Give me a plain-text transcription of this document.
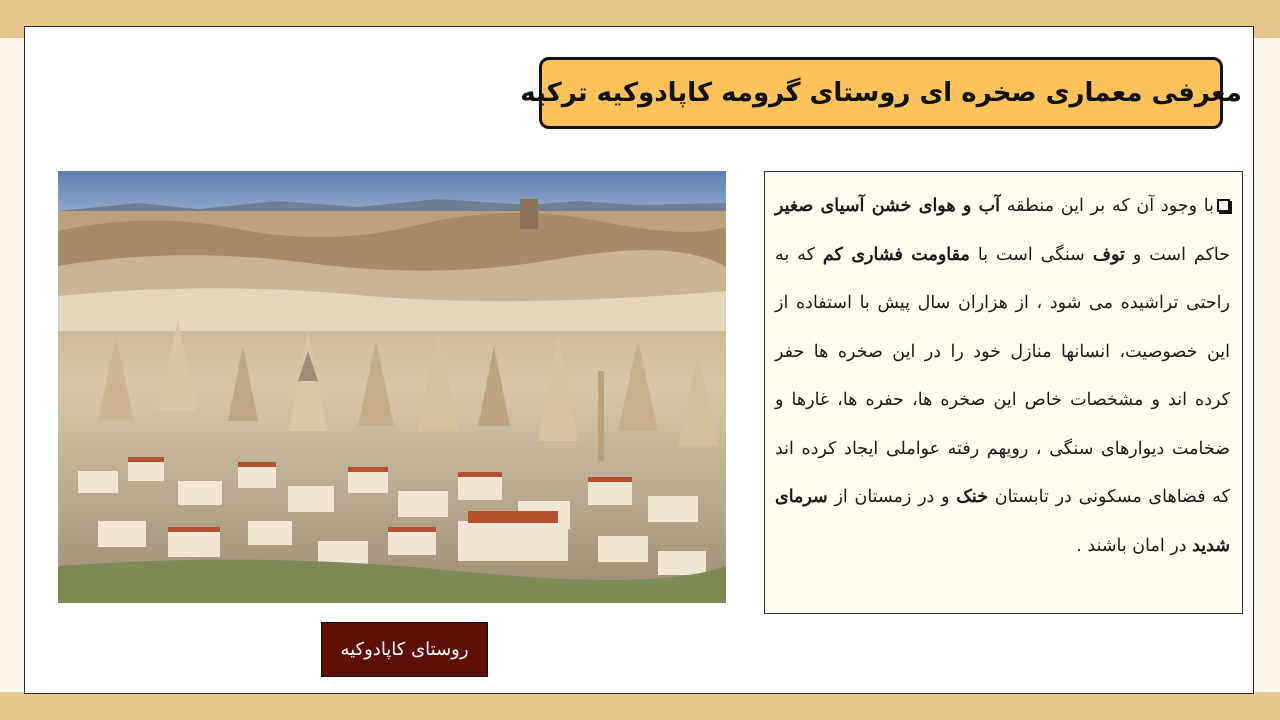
معرفی معماری صخره ای روستای گرومه کاپادوکیه ترکیه
با وجود آن که بر این منطقه آب و هوای خشن آسیای صغیر حاکم است و توف سنگی است با مقاومت فشاری کم که به راحتی تراشیده می شود ، از هزاران سال پیش با استفاده از این خصوصیت، انسانها منازل خود را در این صخره ها حفر کرده اند و مشخصات خاص این صخره ها، حفره ها، غارها و ضخامت دیوارهای سنگی ، رویهم رفته عواملی ایجاد کرده اند که فضاهای مسکونی در تابستان خنک و در زمستان از سرمای شدید در امان باشند .
روستای کاپادوکیه
